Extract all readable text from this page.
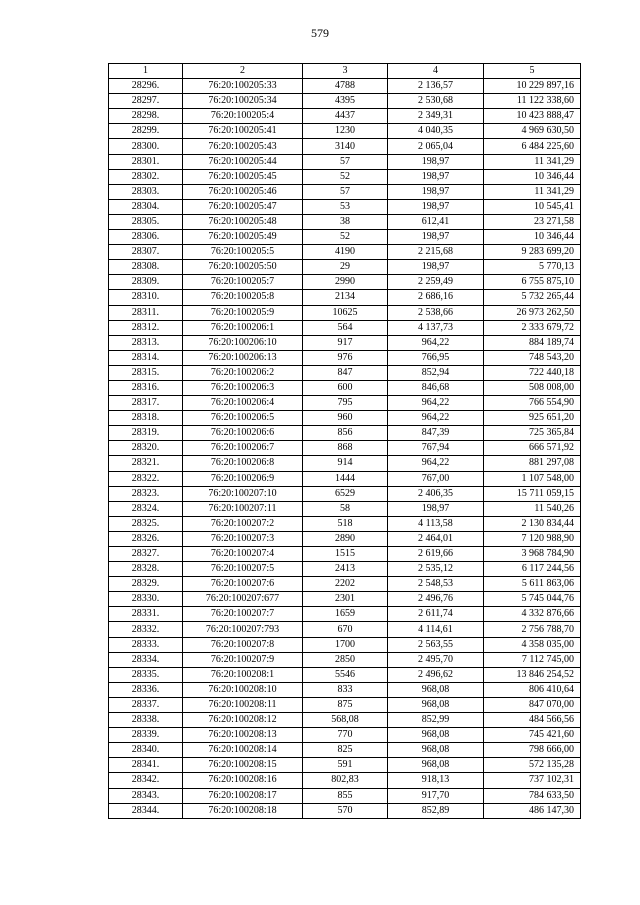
579
1	2	3	4	5
28296.	76:20:100205:33	4788	2 136,57	10 229 897,16
28297.	76:20:100205:34	4395	2 530,68	11 122 338,60
28298.	76:20:100205:4	4437	2 349,31	10 423 888,47
28299.	76:20:100205:41	1230	4 040,35	4 969 630,50
28300.	76:20:100205:43	3140	2 065,04	6 484 225,60
28301.	76:20:100205:44	57	198,97	11 341,29
28302.	76:20:100205:45	52	198,97	10 346,44
28303.	76:20:100205:46	57	198,97	11 341,29
28304.	76:20:100205:47	53	198,97	10 545,41
28305.	76:20:100205:48	38	612,41	23 271,58
28306.	76:20:100205:49	52	198,97	10 346,44
28307.	76:20:100205:5	4190	2 215,68	9 283 699,20
28308.	76:20:100205:50	29	198,97	5 770,13
28309.	76:20:100205:7	2990	2 259,49	6 755 875,10
28310.	76:20:100205:8	2134	2 686,16	5 732 265,44
28311.	76:20:100205:9	10625	2 538,66	26 973 262,50
28312.	76:20:100206:1	564	4 137,73	2 333 679,72
28313.	76:20:100206:10	917	964,22	884 189,74
28314.	76:20:100206:13	976	766,95	748 543,20
28315.	76:20:100206:2	847	852,94	722 440,18
28316.	76:20:100206:3	600	846,68	508 008,00
28317.	76:20:100206:4	795	964,22	766 554,90
28318.	76:20:100206:5	960	964,22	925 651,20
28319.	76:20:100206:6	856	847,39	725 365,84
28320.	76:20:100206:7	868	767,94	666 571,92
28321.	76:20:100206:8	914	964,22	881 297,08
28322.	76:20:100206:9	1444	767,00	1 107 548,00
28323.	76:20:100207:10	6529	2 406,35	15 711 059,15
28324.	76:20:100207:11	58	198,97	11 540,26
28325.	76:20:100207:2	518	4 113,58	2 130 834,44
28326.	76:20:100207:3	2890	2 464,01	7 120 988,90
28327.	76:20:100207:4	1515	2 619,66	3 968 784,90
28328.	76:20:100207:5	2413	2 535,12	6 117 244,56
28329.	76:20:100207:6	2202	2 548,53	5 611 863,06
28330.	76:20:100207:677	2301	2 496,76	5 745 044,76
28331.	76:20:100207:7	1659	2 611,74	4 332 876,66
28332.	76:20:100207:793	670	4 114,61	2 756 788,70
28333.	76:20:100207:8	1700	2 563,55	4 358 035,00
28334.	76:20:100207:9	2850	2 495,70	7 112 745,00
28335.	76:20:100208:1	5546	2 496,62	13 846 254,52
28336.	76:20:100208:10	833	968,08	806 410,64
28337.	76:20:100208:11	875	968,08	847 070,00
28338.	76:20:100208:12	568,08	852,99	484 566,56
28339.	76:20:100208:13	770	968,08	745 421,60
28340.	76:20:100208:14	825	968,08	798 666,00
28341.	76:20:100208:15	591	968,08	572 135,28
28342.	76:20:100208:16	802,83	918,13	737 102,31
28343.	76:20:100208:17	855	917,70	784 633,50
28344.	76:20:100208:18	570	852,89	486 147,30
